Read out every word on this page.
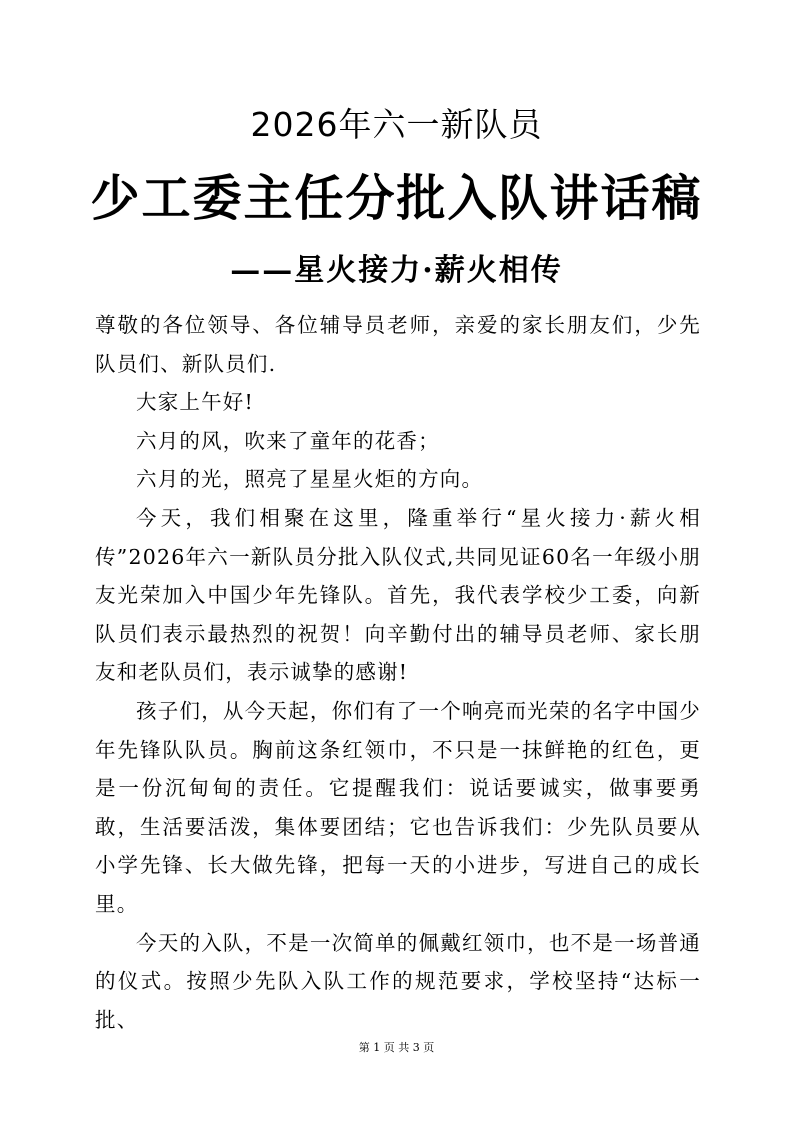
2026年六一新队员
少工委主任分批入队讲话稿
——星火接力·薪火相传

尊敬的各位领导、各位辅导员老师，亲爱的家长朋友们，少先队员们、新队员们.

大家上午好!

六月的风，吹来了童年的花香；

六月的光，照亮了星星火炬的方向。

今天，我们相聚在这里，隆重举行“星火接力·薪火相传”2026年六一新队员分批入队仪式,共同见证60名一年级小朋友光荣加入中国少年先锋队。首先，我代表学校少工委，向新队员们表示最热烈的祝贺！向辛勤付出的辅导员老师、家长朋友和老队员们，表示诚挚的感谢!

孩子们，从今天起，你们有了一个响亮而光荣的名字中国少年先锋队队员。胸前这条红领巾，不只是一抹鲜艳的红色，更是一份沉甸甸的责任。它提醒我们：说话要诚实，做事要勇敢，生活要活泼，集体要团结；它也告诉我们：少先队员要从小学先锋、长大做先锋，把每一天的小进步，写进自己的成长里。

今天的入队，不是一次简单的佩戴红领巾，也不是一场普通的仪式。按照少先队入队工作的规范要求，学校坚持“达标一批、

第 1 页 共 3 页
